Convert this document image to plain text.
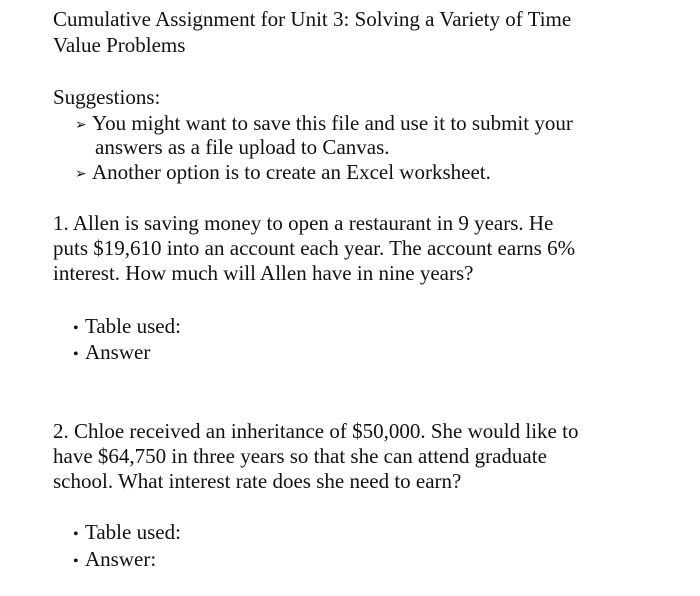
Cumulative Assignment for Unit 3: Solving a Variety of Time
Value Problems
Suggestions:
➢ You might want to save this file and use it to submit your
answers as a file upload to Canvas.
➢ Another option is to create an Excel worksheet.
1. Allen is saving money to open a restaurant in 9 years. He
puts $19,610 into an account each year. The account earns 6%
interest. How much will Allen have in nine years?
• Table used:
• Answer
2. Chloe received an inheritance of $50,000. She would like to
have $64,750 in three years so that she can attend graduate
school. What interest rate does she need to earn?
• Table used:
• Answer:
